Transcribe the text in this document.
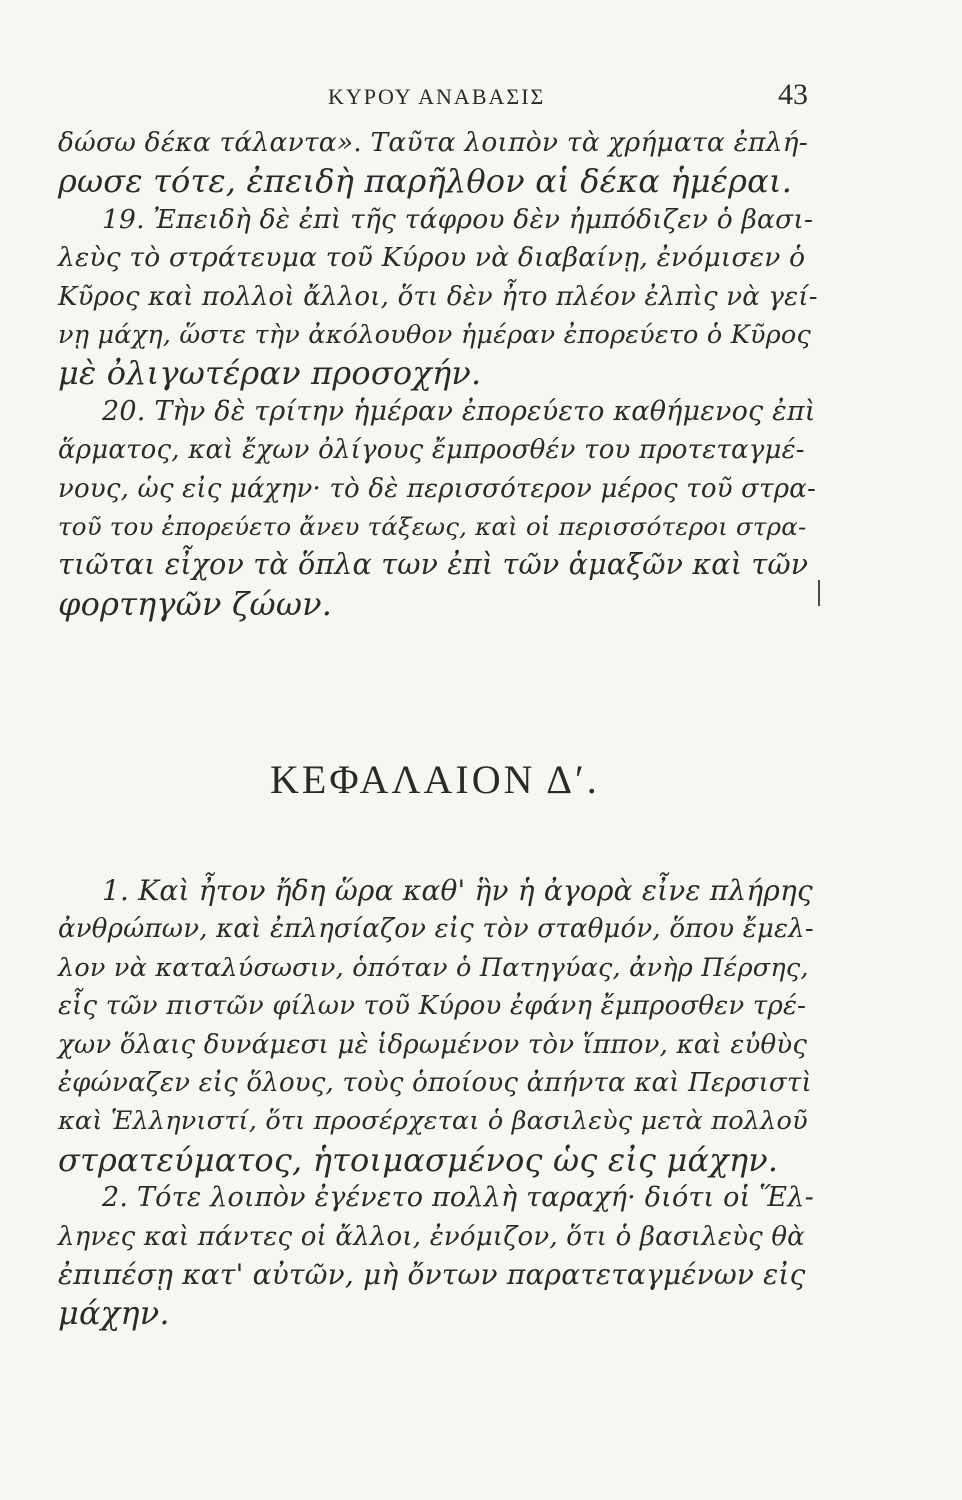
ΚΥΡΟΥ ΑΝΑΒΑΣΙΣ	43
δώσω δέκα τάλαντα». Ταῦτα λοιπὸν τὰ χρήματα ἐπλή-
ρωσε τότε, ἐπειδὴ παρῆλθον αἱ δέκα ἡμέραι.
19. Ἐπειδὴ δὲ ἐπὶ τῆς τάφρου δὲν ἠμπόδιζεν ὁ βασι-
λεὺς τὸ στράτευμα τοῦ Κύρου νὰ διαβαίνῃ, ἐνόμισεν ὁ
Κῦρος καὶ πολλοὶ ἄλλοι, ὅτι δὲν ἦτο πλέον ἐλπὶς νὰ γεί-
νῃ μάχη, ὥστε τὴν ἀκόλουθον ἡμέραν ἐπορεύετο ὁ Κῦρος
μὲ ὀλιγωτέραν προσοχήν.
20. Τὴν δὲ τρίτην ἡμέραν ἐπορεύετο καθήμενος ἐπὶ
ἅρματος, καὶ ἔχων ὀλίγους ἔμπροσθέν του προτεταγμέ-
νους, ὡς εἰς μάχην· τὸ δὲ περισσότερον μέρος τοῦ στρα-
τοῦ του ἐπορεύετο ἄνευ τάξεως, καὶ οἱ περισσότεροι στρα-
τιῶται εἶχον τὰ ὅπλα των ἐπὶ τῶν ἁμαξῶν καὶ τῶν
φορτηγῶν ζώων.
ΚΕΦΑΛΑΙΟΝ Δʹ.
1. Καὶ ἦτον ἤδη ὥρα καθ' ἣν ἡ ἀγορὰ εἶνε πλήρης
ἀνθρώπων, καὶ ἐπλησίαζον εἰς τὸν σταθμόν, ὅπου ἔμελ-
λον νὰ καταλύσωσιν, ὁπόταν ὁ Πατηγύας, ἀνὴρ Πέρσης,
εἷς τῶν πιστῶν φίλων τοῦ Κύρου ἐφάνη ἔμπροσθεν τρέ-
χων ὅλαις δυνάμεσι μὲ ἱδρωμένον τὸν ἵππον, καὶ εὐθὺς
ἐφώναζεν εἰς ὅλους, τοὺς ὁποίους ἀπήντα καὶ Περσιστὶ
καὶ Ἑλληνιστί, ὅτι προσέρχεται ὁ βασιλεὺς μετὰ πολλοῦ
στρατεύματος, ἡτοιμασμένος ὡς εἰς μάχην.
2. Τότε λοιπὸν ἐγένετο πολλὴ ταραχή· διότι οἱ Ἕλ-
ληνες καὶ πάντες οἱ ἄλλοι, ἐνόμιζον, ὅτι ὁ βασιλεὺς θὰ
ἐπιπέσῃ κατ' αὐτῶν, μὴ ὄντων παρατεταγμένων εἰς
μάχην.
